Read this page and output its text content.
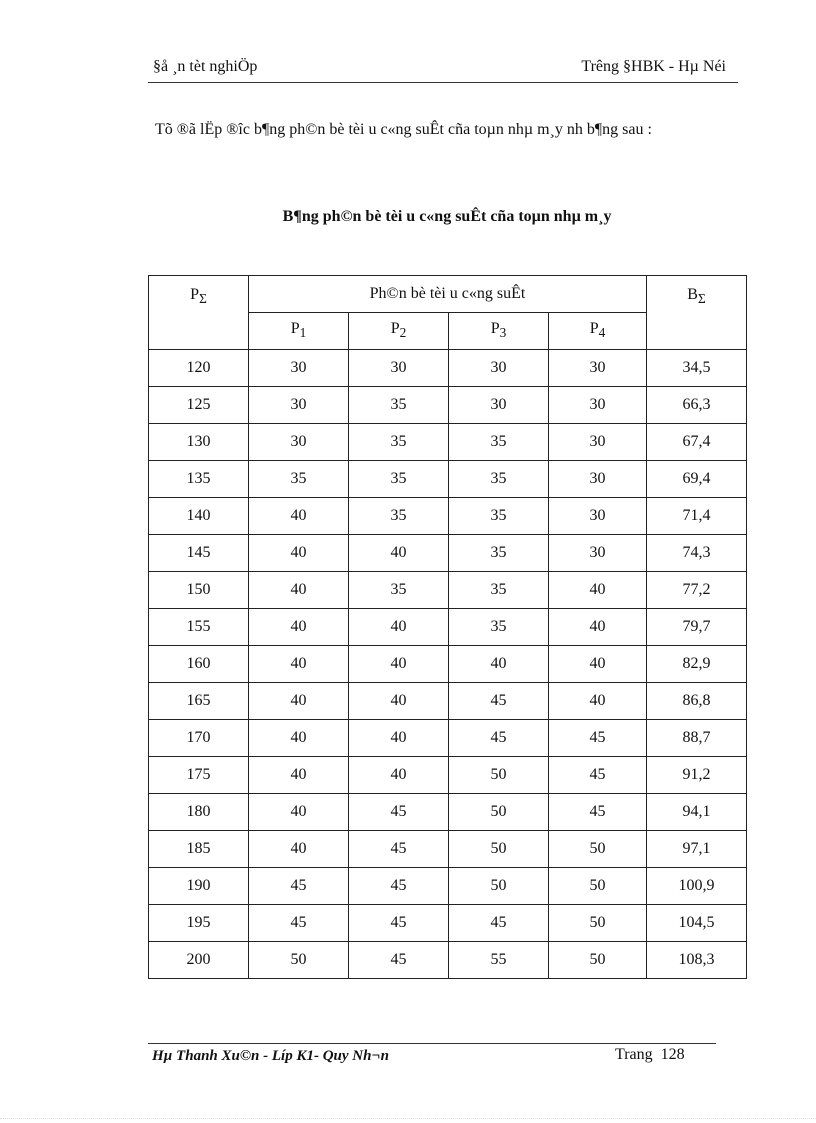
§å ¸n tèt nghiÖp	Trêng §HBK - Hµ Néi
Tõ ®ã lËp ®îc b¶ng ph©n bè tèi u c«ng suÊt cña toµn nhµ m¸y nh b¶ng sau :
B¶ng ph©n bè tèi u c«ng suÊt cña toµn nhµ m¸y
$P_\Sigma$	Ph©n bè tèi u c«ng suÊt				$B_\Sigma$
	$P_1$	$P_2$	$P_3$	$P_4$
120	30	30	30	30	34,5
125	30	35	30	30	66,3
130	30	35	35	30	67,4
135	35	35	35	30	69,4
140	40	35	35	30	71,4
145	40	40	35	30	74,3
150	40	35	35	40	77,2
155	40	40	35	40	79,7
160	40	40	40	40	82,9
165	40	40	45	40	86,8
170	40	40	45	45	88,7
175	40	40	50	45	91,2
180	40	45	50	45	94,1
185	40	45	50	50	97,1
190	45	45	50	50	100,9
195	45	45	45	50	104,5
200	50	45	55	50	108,3
Hµ Thanh Xu©n - Líp K1- Quy Nh¬n	Trang 128
